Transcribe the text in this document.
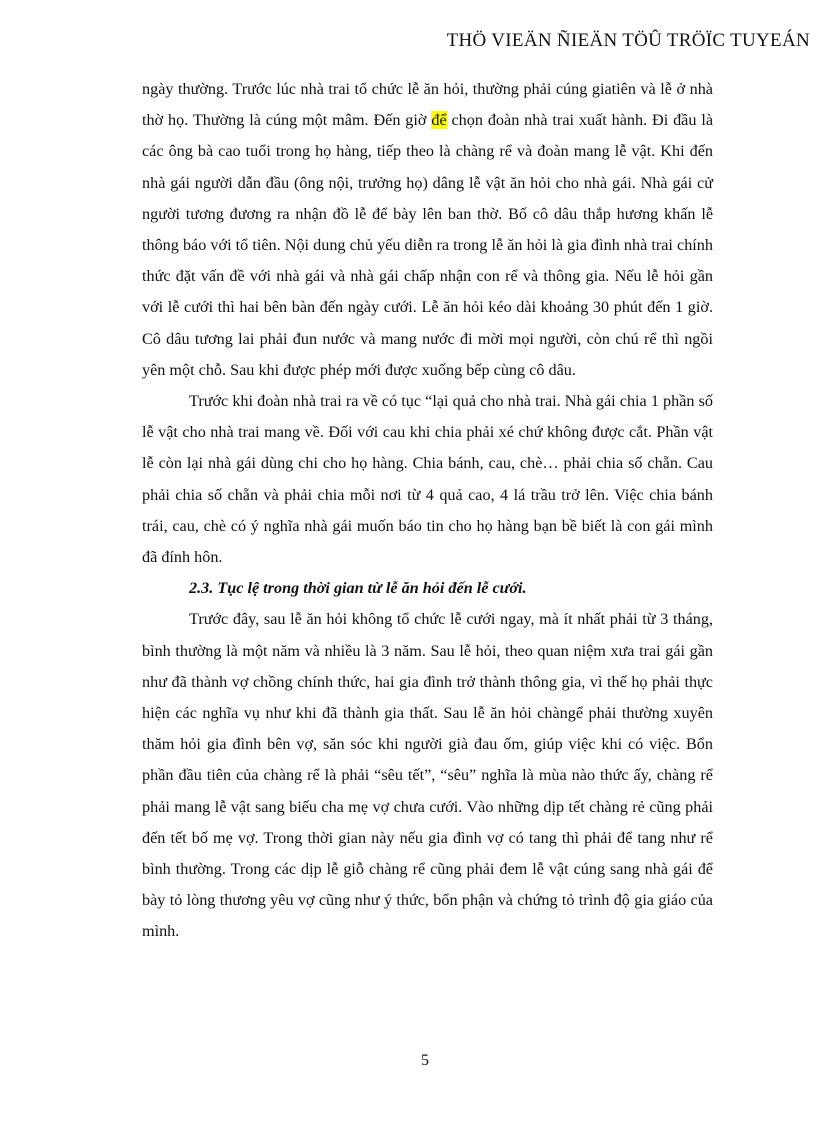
THÖ VIEÄN ÑIEÄN TÖÛ TRÖÏC TUYEÁN

ngày thường. Trước lúc nhà trai tổ chức lễ ăn hỏi, thường phải cúng giatiên và lễ ở nhà thờ họ. Thường là cúng một mâm. Đến giờ để chọn đoàn nhà trai xuất hành. Đi đầu là các ông bà cao tuổi trong họ hàng, tiếp theo là chàng rể và đoàn mang lễ vật. Khi đến nhà gái người dẫn đầu (ông nội, trưởng họ) dâng lễ vật ăn hỏi cho nhà gái. Nhà gái cử người tương đương ra nhận đồ lễ để bày lên ban thờ. Bố cô dâu thắp hương khấn lễ thông báo với tổ tiên. Nội dung chủ yếu diễn ra trong lễ ăn hỏi là gia đình nhà trai chính thức đặt vấn đề với nhà gái và nhà gái chấp nhận con rể và thông gia. Nếu lễ hỏi gần với lễ cưới thì hai bên bàn đến ngày cưới. Lễ ăn hỏi kéo dài khoảng 30 phút đến 1 giờ. Cô dâu tương lai phải đun nước và mang nước đi mời mọi người, còn chú rể thì ngồi yên một chỗ. Sau khi được phép mới được xuống bếp cùng cô dâu.

Trước khi đoàn nhà trai ra về có tục “lại quả cho nhà trai. Nhà gái chia 1 phần số lễ vật cho nhà trai mang về. Đối với cau khi chia phải xé chứ không được cắt. Phần vật lễ còn lại nhà gái dùng chi cho họ hàng. Chia bánh, cau, chè… phải chia số chẵn. Cau phải chia số chẵn và phải chia mỗi nơi từ 4 quả cao, 4 lá trầu trở lên. Việc chia bánh trái, cau, chè có ý nghĩa nhà gái muốn báo tin cho họ hàng bạn bề biết là con gái mình đã đính hôn.

2.3. Tục lệ trong thời gian từ lễ ăn hỏi đến lễ cưới.

Trước đây, sau lễ ăn hỏi không tổ chức lễ cưới ngay, mà ít nhất phải từ 3 tháng, bình thường là một năm và nhiều là 3 năm. Sau lễ hỏi, theo quan niệm xưa trai gái gần như đã thành vợ chồng chính thức, hai gia đình trở thành thông gia, vì thế họ phải thực hiện các nghĩa vụ như khi đã thành gia thất. Sau lễ ăn hỏi chàngể phải thường xuyên thăm hỏi gia đình bên vợ, săn sóc khi người già đau ốm, giúp việc khi có việc. Bổn phần đầu tiên của chàng rể là phải “sêu tết”, “sêu” nghĩa là mùa nào thức ấy, chàng rể phải mang lễ vật sang biếu cha mẹ vợ chưa cưới. Vào những dịp tết chàng rẻ cũng phải đến tết bố mẹ vợ. Trong thời gian này nếu gia đình vợ có tang thì phải để tang như rể bình thường. Trong các dịp lễ giỗ chàng rể cũng phải đem lễ vật cúng sang nhà gái để bày tỏ lòng thương yêu vợ cũng như ý thức, bổn phận và chứng tỏ trình độ gia giáo của mình.

5
